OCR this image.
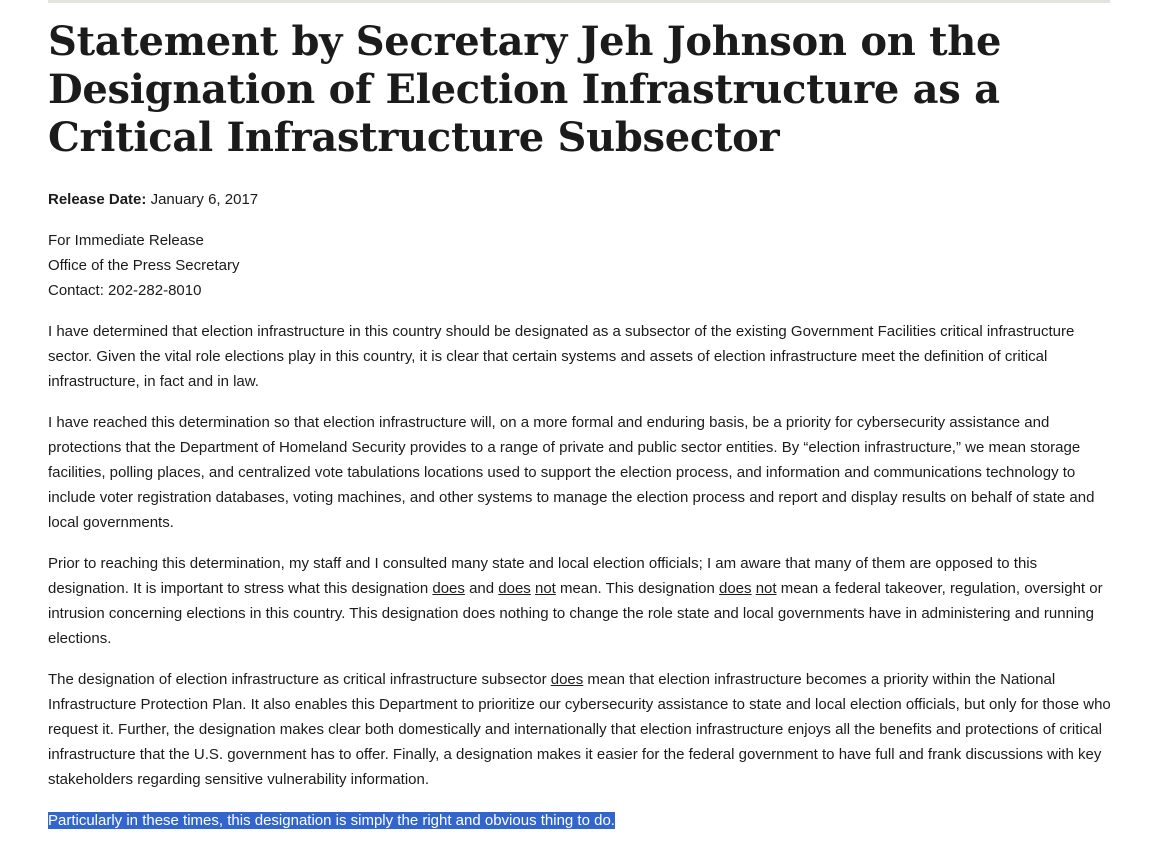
Statement by Secretary Jeh Johnson on the Designation of Election Infrastructure as a Critical Infrastructure Subsector
Release Date: January 6, 2017
For Immediate Release
Office of the Press Secretary
Contact: 202-282-8010

I have determined that election infrastructure in this country should be designated as a subsector of the existing Government Facilities critical infrastructure sector. Given the vital role elections play in this country, it is clear that certain systems and assets of election infrastructure meet the definition of critical infrastructure, in fact and in law.

I have reached this determination so that election infrastructure will, on a more formal and enduring basis, be a priority for cybersecurity assistance and protections that the Department of Homeland Security provides to a range of private and public sector entities. By “election infrastructure,” we mean storage facilities, polling places, and centralized vote tabulations locations used to support the election process, and information and communications technology to include voter registration databases, voting machines, and other systems to manage the election process and report and display results on behalf of state and local governments.

Prior to reaching this determination, my staff and I consulted many state and local election officials; I am aware that many of them are opposed to this designation. It is important to stress what this designation does and does not mean. This designation does not mean a federal takeover, regulation, oversight or intrusion concerning elections in this country. This designation does nothing to change the role state and local governments have in administering and running elections.

The designation of election infrastructure as critical infrastructure subsector does mean that election infrastructure becomes a priority within the National Infrastructure Protection Plan. It also enables this Department to prioritize our cybersecurity assistance to state and local election officials, but only for those who request it. Further, the designation makes clear both domestically and internationally that election infrastructure enjoys all the benefits and protections of critical infrastructure that the U.S. government has to offer. Finally, a designation makes it easier for the federal government to have full and frank discussions with key stakeholders regarding sensitive vulnerability information.

Particularly in these times, this designation is simply the right and obvious thing to do.
